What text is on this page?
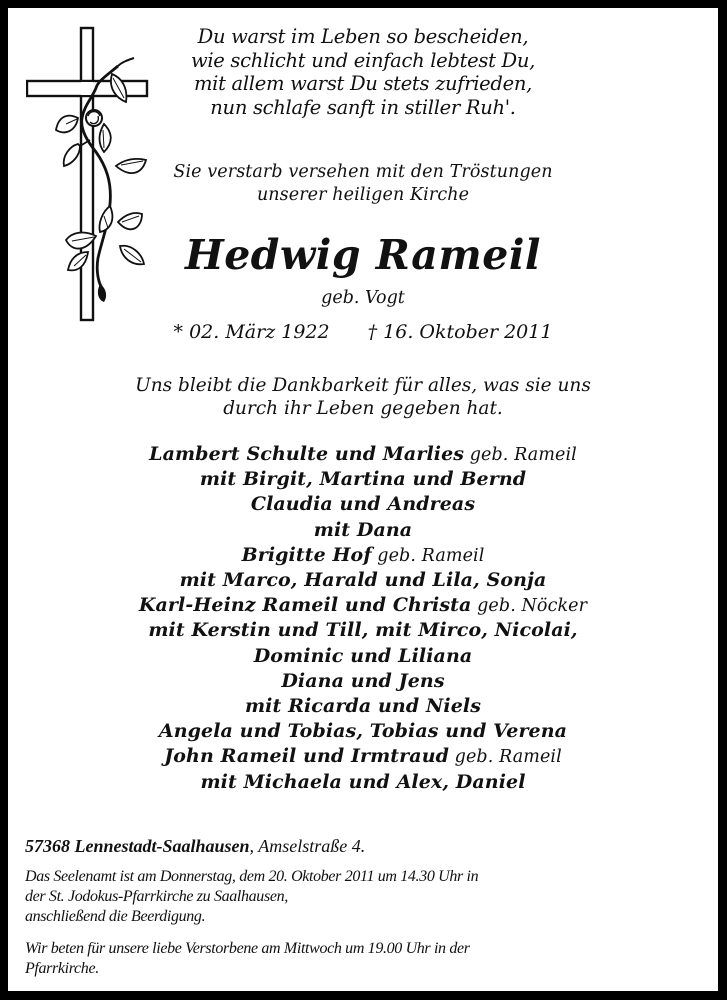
Du warst im Leben so bescheiden,
wie schlicht und einfach lebtest Du,
mit allem warst Du stets zufrieden,
nun schlafe sanft in stiller Ruh'.
Sie verstarb versehen mit den Tröstungen
unserer heiligen Kirche
Hedwig Rameil
geb. Vogt
* 02. März 1922 † 16. Oktober 2011
Uns bleibt die Dankbarkeit für alles, was sie uns
durch ihr Leben gegeben hat.
Lambert Schulte und Marlies geb. Rameil
mit Birgit, Martina und Bernd
Claudia und Andreas
mit Dana
Brigitte Hof geb. Rameil
mit Marco, Harald und Lila, Sonja
Karl-Heinz Rameil und Christa geb. Nöcker
mit Kerstin und Till, mit Mirco, Nicolai,
Dominic und Liliana
Diana und Jens
mit Ricarda und Niels
Angela und Tobias, Tobias und Verena
John Rameil und Irmtraud geb. Rameil
mit Michaela und Alex, Daniel
57368 Lennestadt-Saalhausen, Amselstraße 4.
Das Seelenamt ist am Donnerstag, dem 20. Oktober 2011 um 14.30 Uhr in
der St. Jodokus-Pfarrkirche zu Saalhausen,
anschließend die Beerdigung.
Wir beten für unsere liebe Verstorbene am Mittwoch um 19.00 Uhr in der
Pfarrkirche.
